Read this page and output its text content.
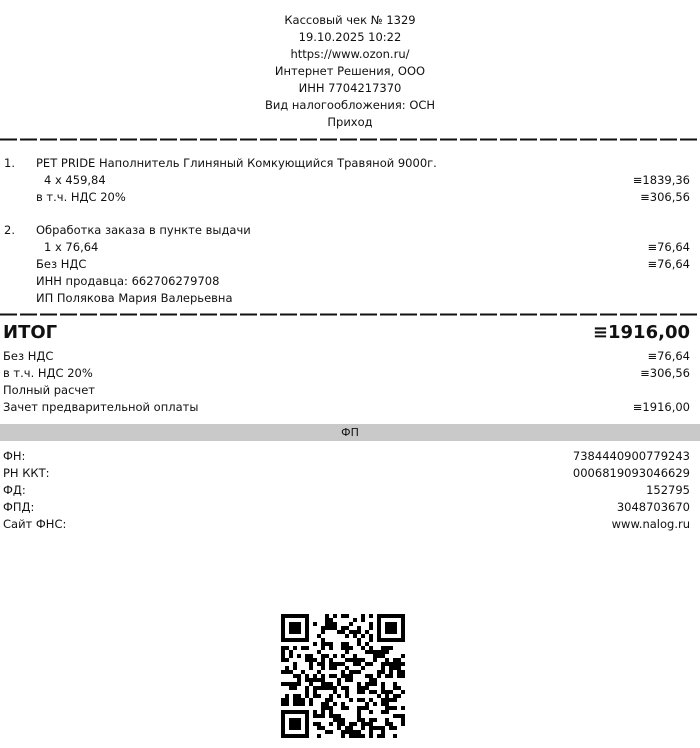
Кассовый чек № 1329
19.10.2025 10:22
https://www.ozon.ru/
Интернет Решения, ООО
ИНН 7704217370
Вид налогообложения: ОСН
Приход
1. PET PRIDE Наполнитель Глиняный Комкующийся Травяной 9000г.
4 x 459,84	≡1839,36
в т.ч. НДС 20%	≡306,56
2. Обработка заказа в пункте выдачи
1 x 76,64	≡76,64
Без НДС	≡76,64
ИНН продавца: 662706279708
ИП Полякова Мария Валерьевна
ИТОГ	≡1916,00
Без НДС	≡76,64
в т.ч. НДС 20%	≡306,56
Полный расчет
Зачет предварительной оплаты	≡1916,00
ФП
ФН:	7384440900779243
РН ККТ:	0006819093046629
ФД:	152795
ФПД:	3048703670
Сайт ФНС:	www.nalog.ru
